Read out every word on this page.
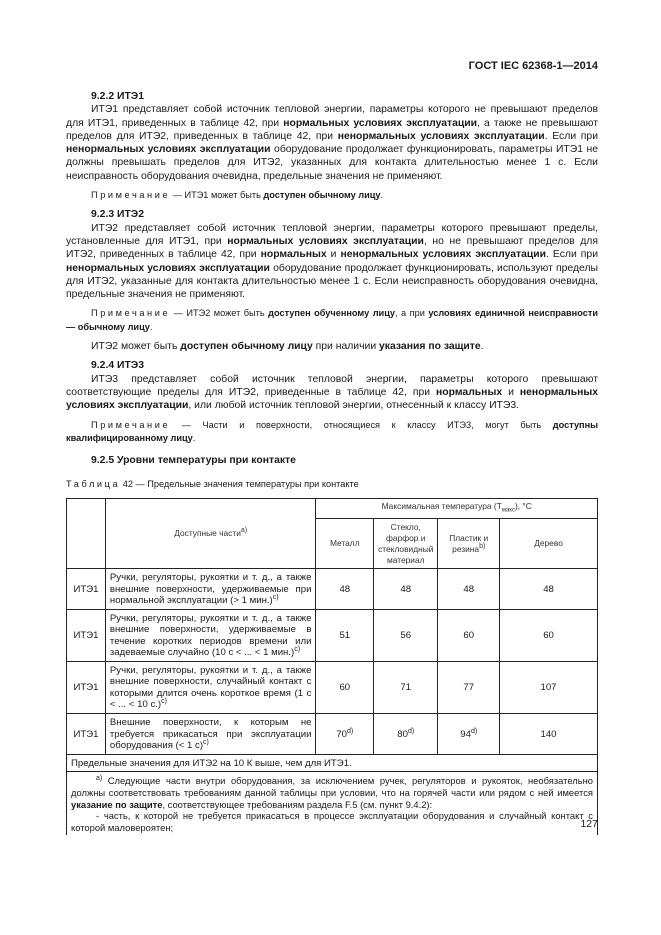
ГОСТ IEC 62368-1—2014
9.2.2 ИТЭ1

ИТЭ1 представляет собой источник тепловой энергии, параметры которого не превышают пределов для ИТЭ1, приведенных в таблице 42, при нормальных условиях эксплуатации, а также не превышают пределов для ИТЭ2, приведенных в таблице 42, при ненормальных условиях эксплуатации. Если при ненормальных условиях эксплуатации оборудование продолжает функционировать, параметры ИТЭ1 не должны превышать пределов для ИТЭ2, указанных для контакта длительностью менее 1 с. Если неисправность оборудования очевидна, предельные значения не применяют.

Примечание — ИТЭ1 может быть доступен обычному лицу.

9.2.3 ИТЭ2

ИТЭ2 представляет собой источник тепловой энергии, параметры которого превышают пределы, установленные для ИТЭ1, при нормальных условиях эксплуатации, но не превышают пределов для ИТЭ2, приведенных в таблице 42, при нормальных и ненормальных условиях эксплуатации. Если при ненормальных условиях эксплуатации оборудование продолжает функционировать, используют пределы для ИТЭ2, указанные для контакта длительностью менее 1 с. Если неисправность оборудования очевидна, предельные значения не применяют.

Примечание — ИТЭ2 может быть доступен обученному лицу, а при условиях единичной неисправности — обычному лицу.

ИТЭ2 может быть доступен обычному лицу при наличии указания по защите.

9.2.4 ИТЭ3

ИТЭ3 представляет собой источник тепловой энергии, параметры которого превышают соответствующие пределы для ИТЭ2, приведенные в таблице 42, при нормальных и ненормальных условиях эксплуатации, или любой источник тепловой энергии, отнесенный к классу ИТЭ3.

Примечание — Части и поверхности, относящиеся к классу ИТЭ3, могут быть доступны квалифицированному лицу.

9.2.5 Уровни температуры при контакте

Таблица 42 — Предельные значения температуры при контакте

	Доступные части$^{a)}$	Максимальная температура $(T_{макс})$, °C			
		Металл	Стекло, фарфор и стекловидный материал	Пластик и резина$^{b)}$	Дерево
ИТЭ1	Ручки, регуляторы, рукоятки и т. д., а также внешние поверхности, удерживаемые при нормальной эксплуатации (> 1 мин.)$^{c)}$	48	48	48	48
ИТЭ1	Ручки, регуляторы, рукоятки и т. д., а также внешние поверхности, удерживаемые в течение коротких периодов времени или задеваемые случайно (10 с < ... < 1 мин.)$^{c)}$	51	56	60	60
ИТЭ1	Ручки, регуляторы, рукоятки и т. д., а также внешние поверхности, случайный контакт с которыми длится очень короткое время (1 с < ... < 10 с.)$^{c)}$	60	71	77	107
ИТЭ1	Внешние поверхности, к которым не требуется прикасаться при эксплуатации оборудования (< 1 с)$^{c)}$	70$^{d)}$	80$^{d)}$	94$^{d)}$	140
Предельные значения для ИТЭ2 на 10 К выше, чем для ИТЭ1.					

$^{a)}$ Следующие части внутри оборудования, за исключением ручек, регуляторов и рукояток, необязательно должны соответствовать требованиям данной таблицы при условии, что на горячей части или рядом с ней имеется указание по защите, соответствующее требованиям раздела F.5 (см. пункт 9.4.2):
- часть, к которой не требуется прикасаться в процессе эксплуатации оборудования и случайный контакт с которой маловероятен;						127
